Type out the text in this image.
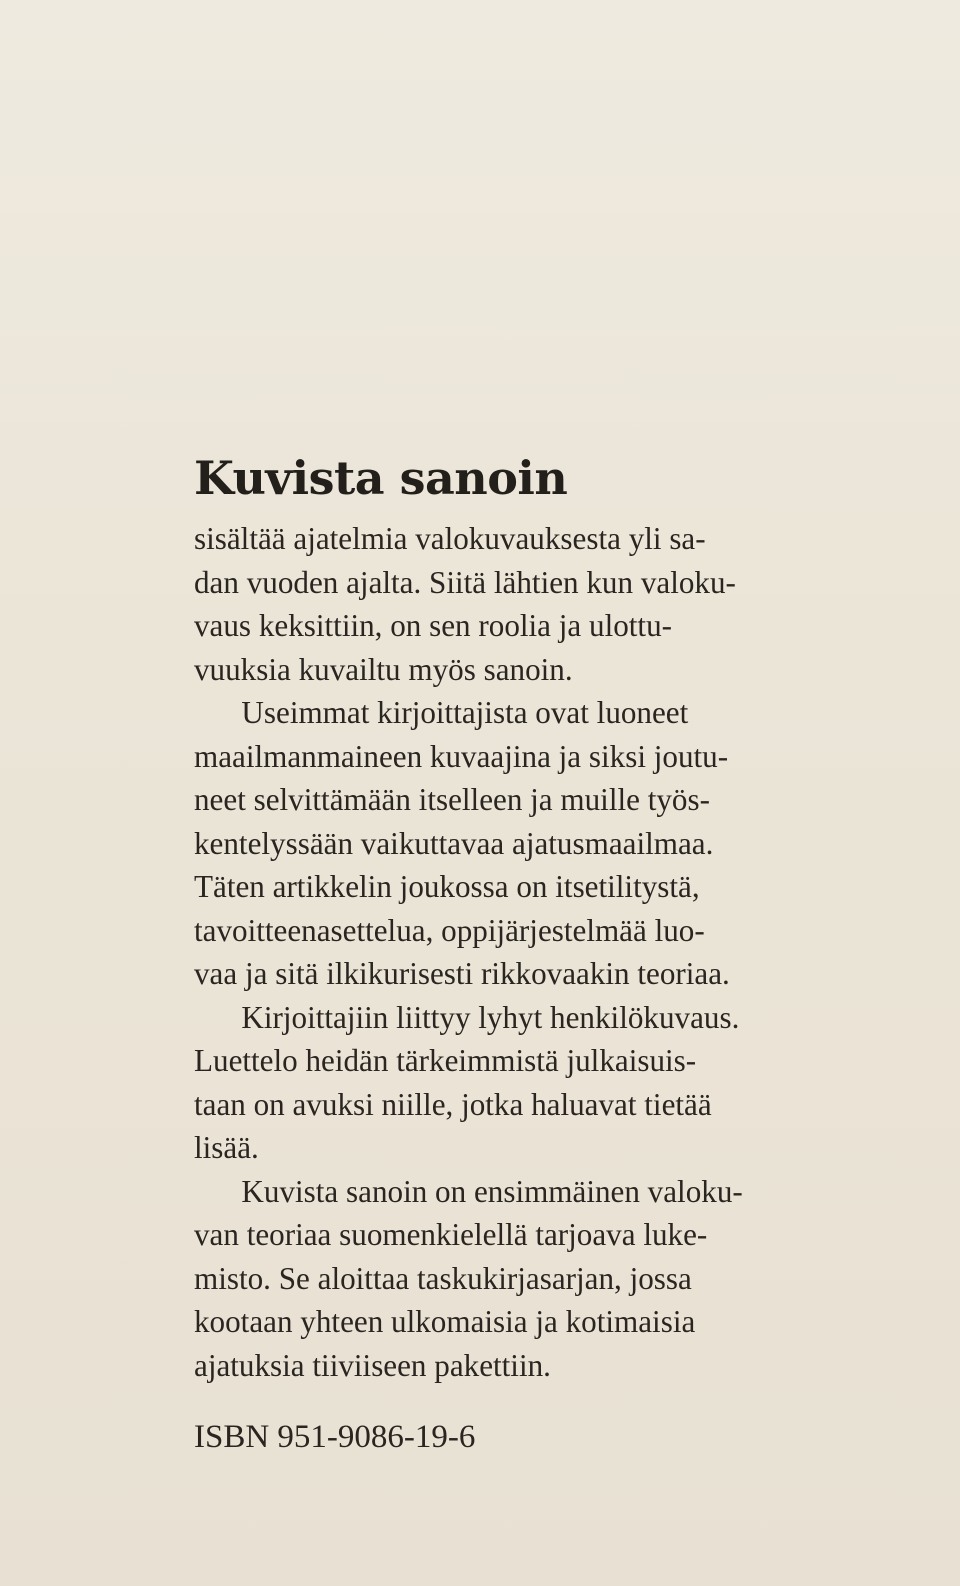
Kuvista sanoin
sisältää ajatelmia valokuvauksesta yli sa-
dan vuoden ajalta. Siitä lähtien kun valoku-
vaus keksittiin, on sen roolia ja ulottu-
vuuksia kuvailtu myös sanoin.
Useimmat kirjoittajista ovat luoneet
maailmanmaineen kuvaajina ja siksi joutu-
neet selvittämään itselleen ja muille työs-
kentelyssään vaikuttavaa ajatusmaailmaa.
Täten artikkelin joukossa on itsetilitystä,
tavoitteenasettelua, oppijärjestelmää luo-
vaa ja sitä ilkikurisesti rikkovaakin teoriaa.
Kirjoittajiin liittyy lyhyt henkilökuvaus.
Luettelo heidän tärkeimmistä julkaisuis-
taan on avuksi niille, jotka haluavat tietää
lisää.
Kuvista sanoin on ensimmäinen valoku-
van teoriaa suomenkielellä tarjoava luke-
misto. Se aloittaa taskukirjasarjan, jossa
kootaan yhteen ulkomaisia ja kotimaisia
ajatuksia tiiviiseen pakettiin.
ISBN 951-9086-19-6
